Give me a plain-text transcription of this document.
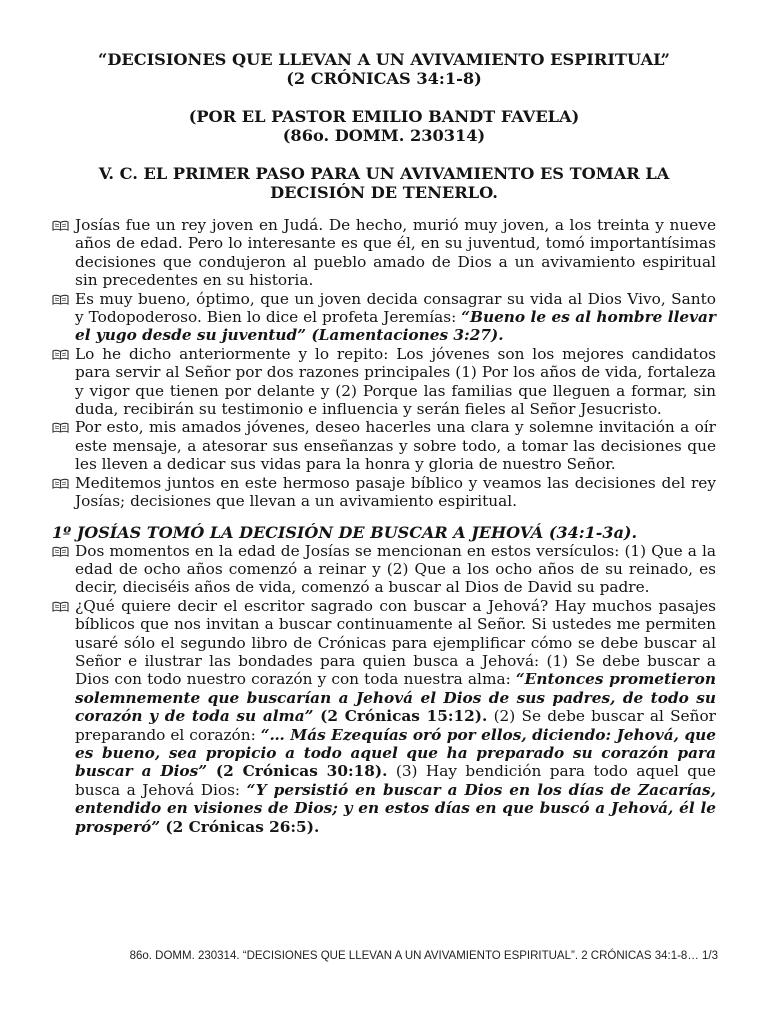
“DECISIONES QUE LLEVAN A UN AVIVAMIENTO ESPIRITUAL”
(2 CRÓNICAS 34:1-8)
(POR EL PASTOR EMILIO BANDT FAVELA)
(86o. DOMM. 230314)
V. C. EL PRIMER PASO PARA UN AVIVAMIENTO ES TOMAR LA
DECISIÓN DE TENERLO.
Josías fue un rey joven en Judá. De hecho, murió muy joven, a los treinta y nueve años de edad. Pero lo interesante es que él, en su juventud, tomó importantísimas decisiones que condujeron al pueblo amado de Dios a un avivamiento espiritual sin precedentes en su historia.
Es muy bueno, óptimo, que un joven decida consagrar su vida al Dios Vivo, Santo y Todopoderoso. Bien lo dice el profeta Jeremías: “Bueno le es al hombre llevar el yugo desde su juventud” (Lamentaciones 3:27).
Lo he dicho anteriormente y lo repito: Los jóvenes son los mejores candidatos para servir al Señor por dos razones principales (1) Por los años de vida, fortaleza y vigor que tienen por delante y (2) Porque las familias que lleguen a formar, sin duda, recibirán su testimonio e influencia y serán fieles al Señor Jesucristo.
Por esto, mis amados jóvenes, deseo hacerles una clara y solemne invitación a oír este mensaje, a atesorar sus enseñanzas y sobre todo, a tomar las decisiones que les lleven a dedicar sus vidas para la honra y gloria de nuestro Señor.
Meditemos juntos en este hermoso pasaje bíblico y veamos las decisiones del rey Josías; decisiones que llevan a un avivamiento espiritual.
1º JOSÍAS TOMÓ LA DECISIÓN DE BUSCAR A JEHOVÁ (34:1-3a).
Dos momentos en la edad de Josías se mencionan en estos versículos: (1) Que a la edad de ocho años comenzó a reinar y (2) Que a los ocho años de su reinado, es decir, dieciséis años de vida, comenzó a buscar al Dios de David su padre.
¿Qué quiere decir el escritor sagrado con buscar a Jehová? Hay muchos pasajes bíblicos que nos invitan a buscar continuamente al Señor. Si ustedes me permiten usaré sólo el segundo libro de Crónicas para ejemplificar cómo se debe buscar al Señor e ilustrar las bondades para quien busca a Jehová: (1) Se debe buscar a Dios con todo nuestro corazón y con toda nuestra alma: “Entonces prometieron solemnemente que buscarían a Jehová el Dios de sus padres, de todo su corazón y de toda su alma” (2 Crónicas 15:12). (2) Se debe buscar al Señor preparando el corazón: “… Más Ezequías oró por ellos, diciendo: Jehová, que es bueno, sea propicio a todo aquel que ha preparado su corazón para buscar a Dios” (2 Crónicas 30:18). (3) Hay bendición para todo aquel que busca a Jehová Dios: “Y persistió en buscar a Dios en los días de Zacarías, entendido en visiones de Dios; y en estos días en que buscó a Jehová, él le prosperó” (2 Crónicas 26:5).
86o. DOMM. 230314. “DECISIONES QUE LLEVAN A UN AVIVAMIENTO ESPIRITUAL”. 2 CRÓNICAS 34:1-8… 1/3
